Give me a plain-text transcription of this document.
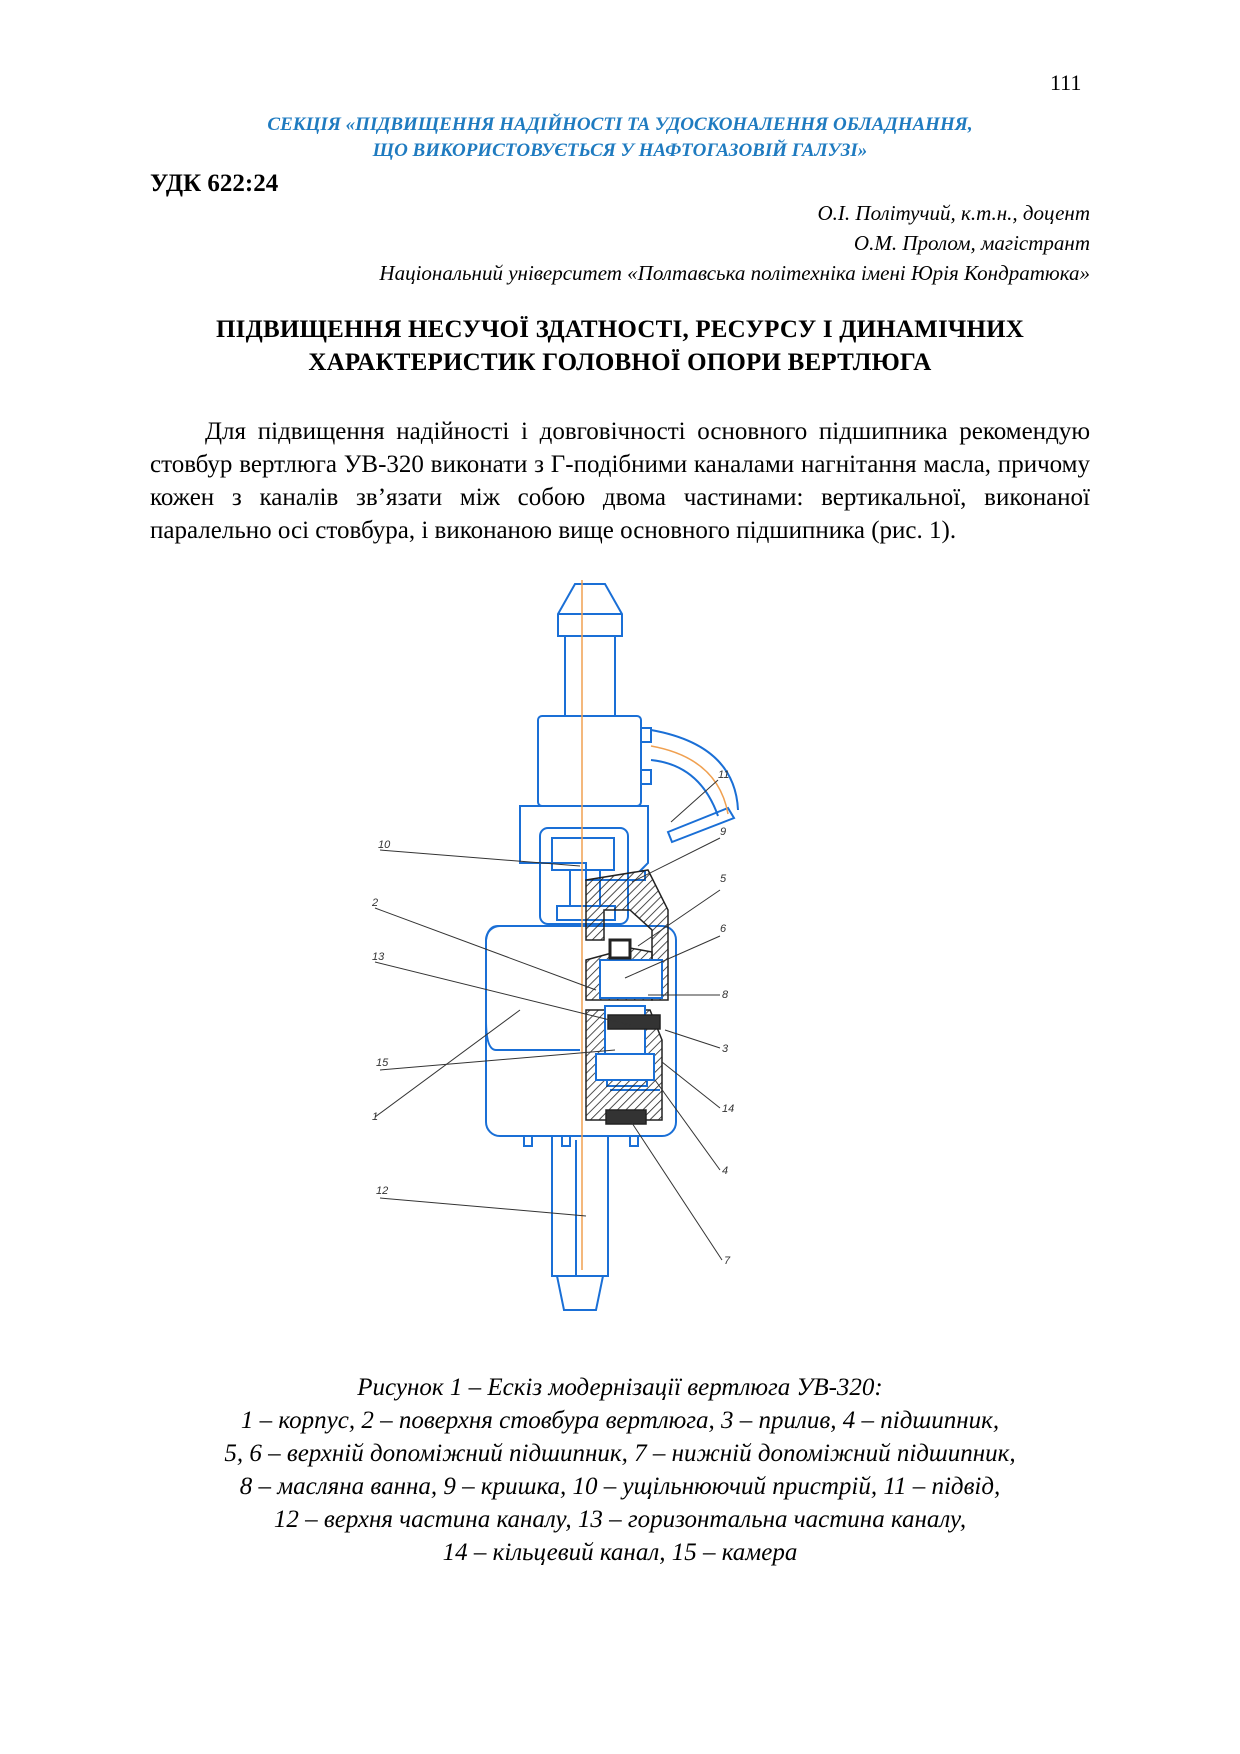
111
СЕКЦІЯ «ПІДВИЩЕННЯ НАДІЙНОСТІ ТА УДОСКОНАЛЕННЯ ОБЛАДНАННЯ,
ЩО ВИКОРИСТОВУЄТЬСЯ У НАФТОГАЗОВІЙ ГАЛУЗІ»
УДК 622:24
О.І. Політучий, к.т.н., доцент
О.М. Пролом, магістрант
Національний університет «Полтавська політехніка імені Юрія Кондратюка»
ПІДВИЩЕННЯ НЕСУЧОЇ ЗДАТНОСТІ, РЕСУРСУ І ДИНАМІЧНИХ
ХАРАКТЕРИСТИК ГОЛОВНОЇ ОПОРИ ВЕРТЛЮГА
Для підвищення надійності і довговічності основного підшипника рекомендую стовбур вертлюга УВ-320 виконати з Г-подібними каналами нагнітання масла, причому кожен з каналів зв’язати між собою двома частинами: вертикальної, виконаної паралельно осі стовбура, і виконаною вище основного підшипника (рис. 1).
10
2
13
15
1
12
9
5
6
8
3
14
4
7
11
Рисунок 1 – Ескіз модернізації вертлюга УВ-320:
1 – корпус, 2 – поверхня стовбура вертлюга, 3 – прилив, 4 – підшипник,
5, 6 – верхній допоміжний підшипник, 7 – нижній допоміжний підшипник,
8 – масляна ванна, 9 – кришка, 10 – ущільнюючий пристрій, 11 – підвід,
12 – верхня частина каналу, 13 – горизонтальна частина каналу,
14 – кільцевий канал, 15 – камера
